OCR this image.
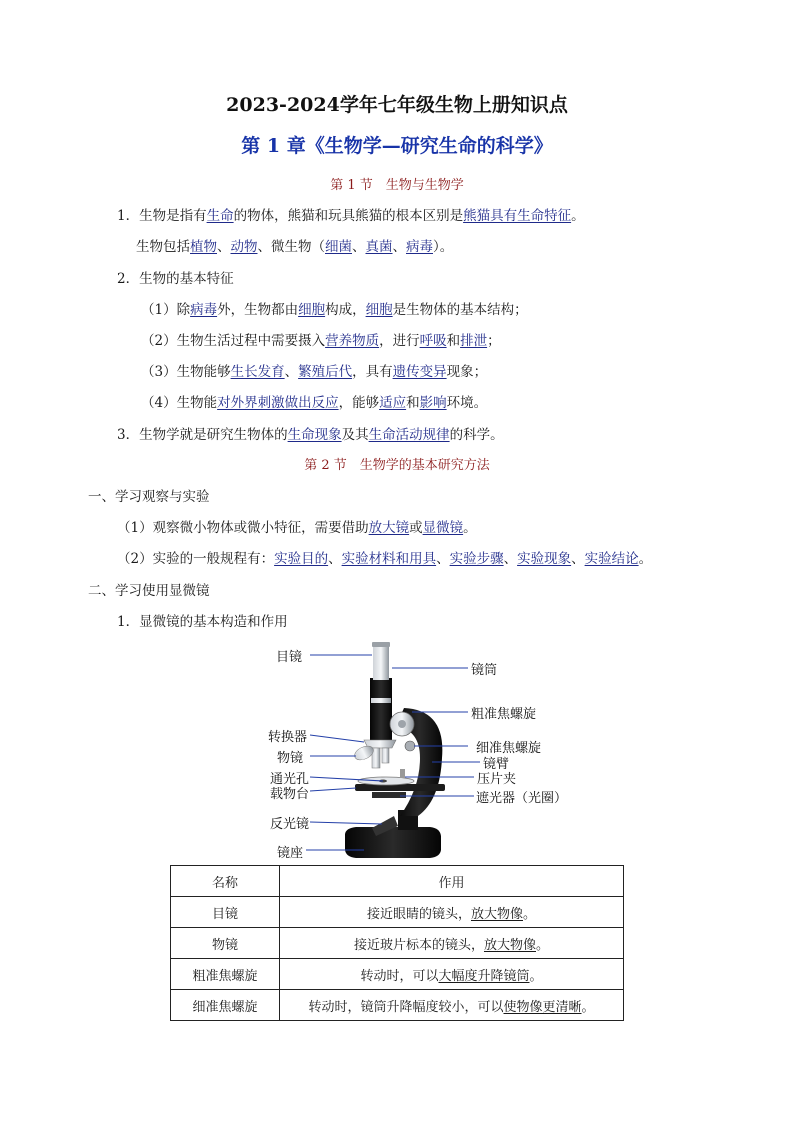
2023-2024学年七年级生物上册知识点
第 1 章《生物学—研究生命的科学》
第 1 节　生物与生物学
1．生物是指有生命的物体，熊猫和玩具熊猫的根本区别是熊猫具有生命特征。
生物包括植物、动物、微生物（细菌、真菌、病毒）。
2．生物的基本特征
（1）除病毒外，生物都由细胞构成，细胞是生物体的基本结构；
（2）生物生活过程中需要摄入营养物质，进行呼吸和排泄；
（3）生物能够生长发育、繁殖后代，具有遗传变异现象；
（4）生物能对外界刺激做出反应，能够适应和影响环境。
3．生物学就是研究生物体的生命现象及其生命活动规律的科学。
第 2 节　生物学的基本研究方法
一、学习观察与实验
（1）观察微小物体或微小特征，需要借助放大镜或显微镜。
（2）实验的一般规程有：实验目的、实验材料和用具、实验步骤、实验现象、实验结论。
二、学习使用显微镜
1．显微镜的基本构造和作用
目镜
镜筒
粗准焦螺旋
转换器
细准焦螺旋
物镜	镜臂
通光孔	压片夹
载物台	遮光器（光圈）
反光镜
镜座
名称	作用
目镜	接近眼睛的镜头，放大物像。
物镜	接近玻片标本的镜头，放大物像。
粗准焦螺旋	转动时，可以大幅度升降镜筒。
细准焦螺旋	转动时，镜筒升降幅度较小，可以使物像更清晰。
